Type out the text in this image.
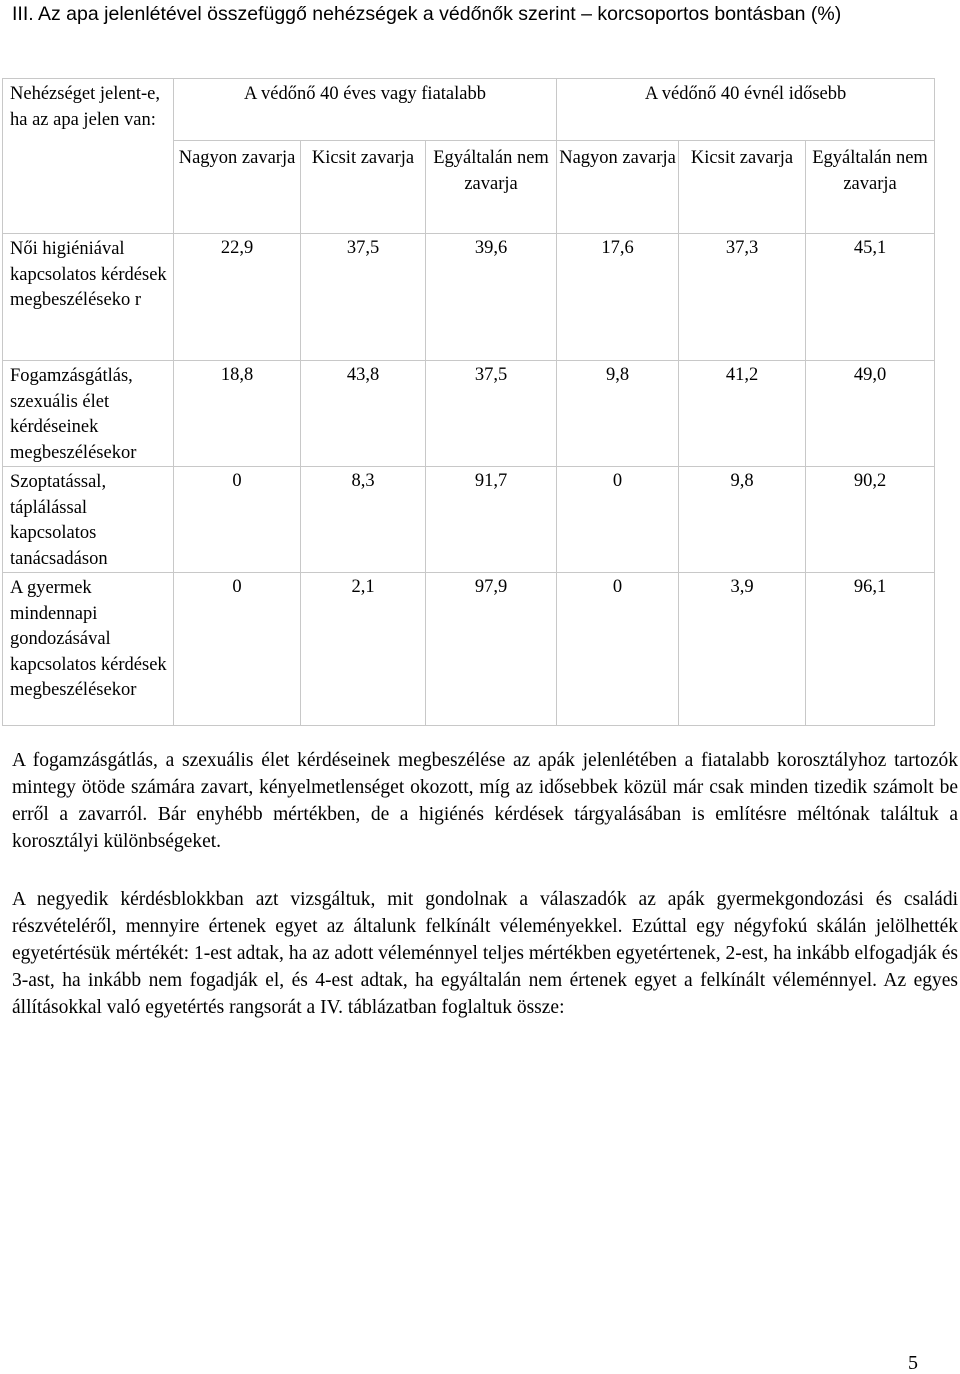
III. Az apa jelenlétével összefüggő nehézségek a védőnők szerint – korcsoportos bontásban (%)
Nehézséget jelent-e, ha az apa jelen van:	A védőnő 40 éves vagy fiatalabb			A védőnő 40 évnél idősebb		
	Nagyon zavarja	Kicsit zavarja	Egyáltalán nem zavarja	Nagyon zavarja	Kicsit zavarja	Egyáltalán nem zavarja
Női higiéniával kapcsolatos kérdések megbeszéléseko r	22,9	37,5	39,6	17,6	37,3	45,1
Fogamzásgátlás, szexuális élet kérdéseinek megbeszélésekor	18,8	43,8	37,5	9,8	41,2	49,0
Szoptatással, táplálással kapcsolatos tanácsadáson	0	8,3	91,7	0	9,8	90,2
A gyermek mindennapi gondozásával kapcsolatos kérdések megbeszélésekor	0	2,1	97,9	0	3,9	96,1

A fogamzásgátlás, a szexuális élet kérdéseinek megbeszélése az apák jelenlétében a fiatalabb korosztályhoz tartozók mintegy ötöde számára zavart, kényelmetlenséget okozott, míg az idősebbek közül már csak minden tizedik számolt be erről a zavarról. Bár enyhébb mértékben, de a higiénés kérdések tárgyalásában is említésre méltónak találtuk a korosztályi különbségeket.

A negyedik kérdésblokkban azt vizsgáltuk, mit gondolnak a válaszadók az apák gyermekgondozási és családi részvételéről, mennyire értenek egyet az általunk felkínált véleményekkel. Ezúttal egy négyfokú skálán jelölhették egyetértésük mértékét: 1-est adtak, ha az adott véleménnyel teljes mértékben egyetértenek, 2-est, ha inkább elfogadják és 3-ast, ha inkább nem fogadják el, és 4-est adtak, ha egyáltalán nem értenek egyet a felkínált véleménnyel. Az egyes állításokkal való egyetértés rangsorát a IV. táblázatban foglaltuk össze:

5
